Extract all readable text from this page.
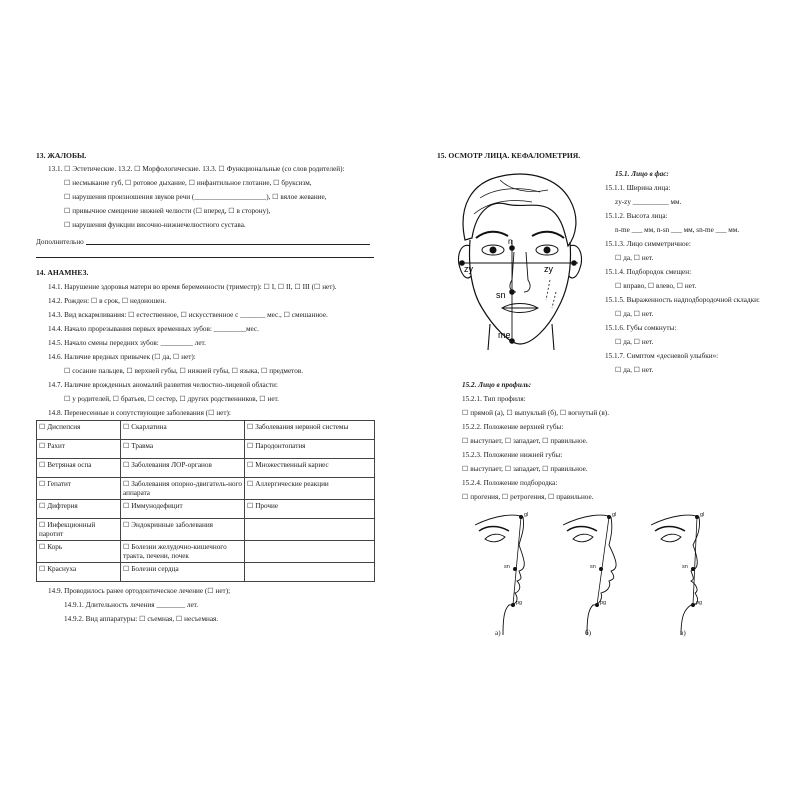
13. ЖАЛОБЫ.
13.1. ☐ Эстетические. 13.2. ☐ Морфологические. 13.3. ☐ Функциональные (со слов родителей):
☐ несмыкание губ, ☐ ротовое дыхание, ☐ инфантильное глотание, ☐ бруксизм,
☐ нарушения произношения звуков речи (____________________), ☐ вялое жевание,
☐ привычное смещение нижней челюсти (☐ вперед, ☐ в сторону),
☐ нарушения функции височно-нижнечелюстного сустава.
Дополнительно
14. АНАМНЕЗ.
14.1. Нарушение здоровья матери во время беременности (триместр): ☐ I, ☐ II, ☐ III (☐ нет).
14.2. Рожден: ☐ в срок, ☐ недоношен.
14.3. Вид вскармливания: ☐ естественное, ☐ искусственное с _______ мес., ☐ смешанное.
14.4. Начало прорезывания первых временных зубов: _________мес.
14.5. Начало смены передних зубов: _________ лет.
14.6. Наличие вредных привычек (☐ да, ☐ нет):
☐ сосание пальцев, ☐ верхней губы, ☐ нижней губы, ☐ языка, ☐ предметов.
14.7. Наличие врожденных аномалий развития челюстно-лицевой области:
☐ у родителей, ☐ братьев, ☐ сестер, ☐ других родственников, ☐ нет.
14.8. Перенесенные и сопутствующие заболевания (☐ нет):
☐ Диспепсия	☐ Скарлатина	☐ Заболевания нервной системы
☐ Рахит	☐ Травма	☐ Пародонтопатия
☐ Ветряная оспа	☐ Заболевания ЛОР-органов	☐ Множественный кариес
☐ Гепатит	☐ Заболевания опорно-двигатель-ного аппарата	☐ Аллергические реакции
☐ Дифтерия	☐ Иммунодефицит	☐ Прочие
☐ Инфекционный паротит	☐ Эндокринные заболевания	
☐ Корь	☐ Болезни желудочно-кишечного тракта, печени, почек	
☐ Краснуха	☐ Болезни сердца	
14.9. Проводилось ранее ортодонтическое лечение (☐ нет);
14.9.1. Длительность лечения ________ лет.
14.9.2. Вид аппаратуры: ☐ съемная, ☐ несъемная.
15. ОСМОТР ЛИЦА. КЕФАЛОМЕТРИЯ.
n
zy	zy
sn
me
15.1. Лицо в фас:
15.1.1. Ширина лица:
zy-zy __________ мм.
15.1.2. Высота лица:
n-me ___ мм, n-sn ___ мм, sn-me ___ мм.
15.1.3. Лицо симметричное:
☐ да, ☐ нет.
15.1.4. Подбородок смещен:
☐ вправо, ☐ влево, ☐ нет.
15.1.5. Выраженность надподбородочной складки:
☐ да, ☐ нет.
15.1.6. Губы сомкнуты:
☐ да, ☐ нет.
15.1.7. Симптом «десневой улыбки»:
☐ да, ☐ нет.
15.2. Лицо в профиль:
15.2.1. Тип профиля:
☐ прямой (а), ☐ выпуклый (б), ☐ вогнутый (в).
15.2.2. Положение верхней губы:
☐ выступает, ☐ западает, ☐ правильное.
15.2.3. Положение нижней губы:
☐ выступает, ☐ западает, ☐ правильное.
15.2.4. Положение подбородка:
☐ прогения, ☐ ретрогения, ☐ правильное.
gl
sn
pg
gl
sn
pg
gl
sn
pg
а)	б)	в)
